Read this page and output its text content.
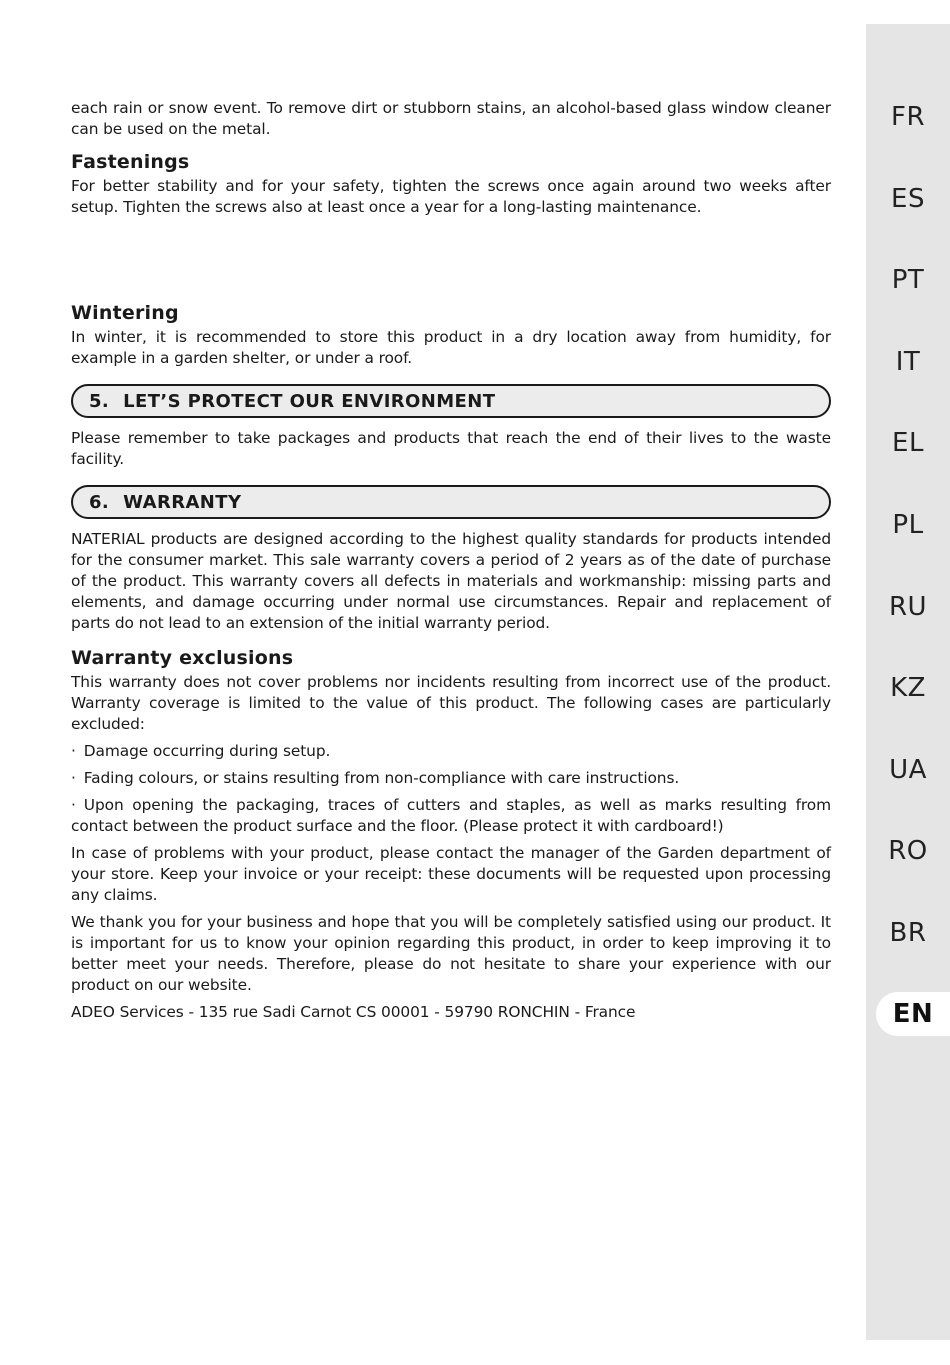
each rain or snow event. To remove dirt or stubborn stains, an alcohol-based glass window cleaner can be used on the metal.

Fastenings

For better stability and for your safety, tighten the screws once again around two weeks after setup. Tighten the screws also at least once a year for a long-lasting maintenance.

Wintering

In winter, it is recommended to store this product in a dry location away from humidity, for example in a garden shelter, or under a roof.

5. LET’S PROTECT OUR ENVIRONMENT

Please remember to take packages and products that reach the end of their lives to the waste facility.

6. WARRANTY

NATERIAL products are designed according to the highest quality standards for products intended for the consumer market. This sale warranty covers a period of 2 years as of the date of purchase of the product. This warranty covers all defects in materials and workmanship: missing parts and elements, and damage occurring under normal use circumstances. Repair and replacement of parts do not lead to an extension of the initial warranty period.

Warranty exclusions

This warranty does not cover problems nor incidents resulting from incorrect use of the product. Warranty coverage is limited to the value of this product. The following cases are particularly excluded:

· Damage occurring during setup.
· Fading colours, or stains resulting from non-compliance with care instructions.
· Upon opening the packaging, traces of cutters and staples, as well as marks resulting from contact between the product surface and the floor. (Please protect it with cardboard!)

In case of problems with your product, please contact the manager of the Garden department of your store. Keep your invoice or your receipt: these documents will be requested upon processing any claims.

We thank you for your business and hope that you will be completely satisfied using our product. It is important for us to know your opinion regarding this product, in order to keep improving it to better meet your needs. Therefore, please do not hesitate to share your experience with our product on our website.

ADEO Services - 135 rue Sadi Carnot CS 00001 - 59790 RONCHIN - France

FR
ES
PT
IT
EL
PL
RU
KZ
UA
RO
BR
EN
